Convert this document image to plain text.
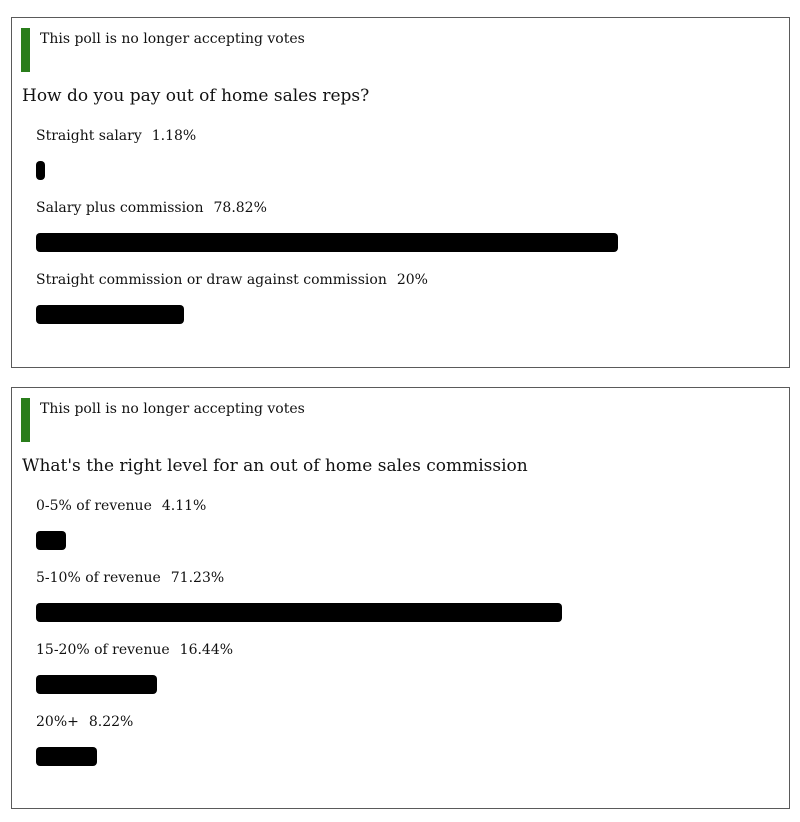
This poll is no longer accepting votes
How do you pay out of home sales reps?
Straight salary 1.18%
Salary plus commission 78.82%
Straight commission or draw against commission 20%
This poll is no longer accepting votes
What's the right level for an out of home sales commission
0-5% of revenue 4.11%
5-10% of revenue 71.23%
15-20% of revenue 16.44%
20%+ 8.22%
